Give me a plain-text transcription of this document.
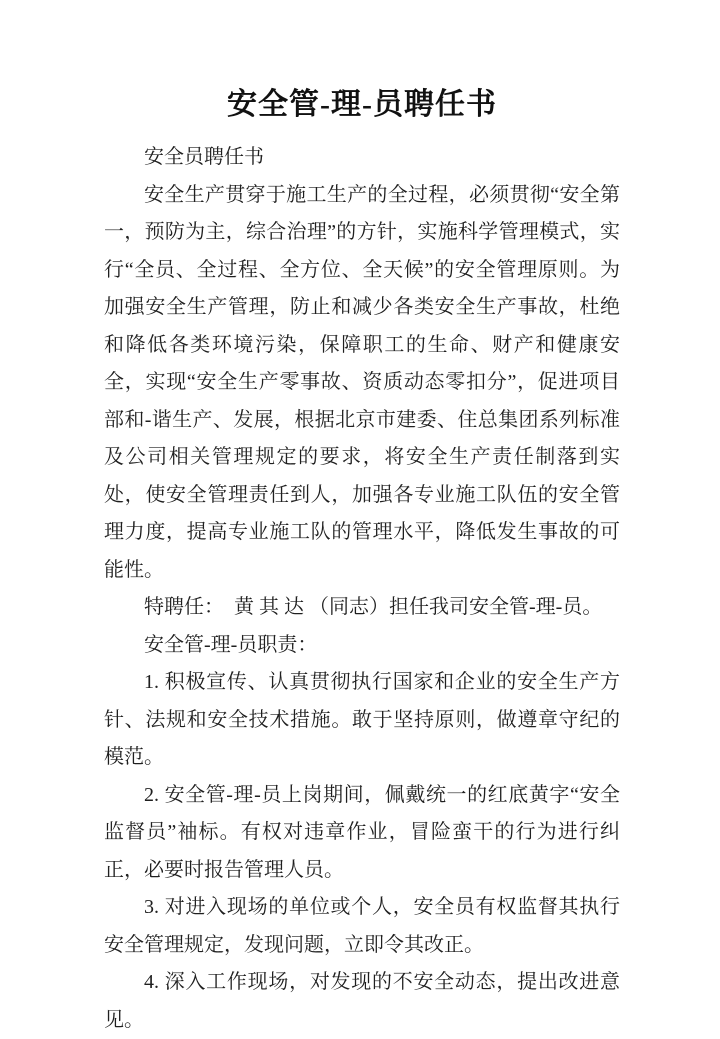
安全管-理-员聘任书

安全员聘任书

安全生产贯穿于施工生产的全过程，必须贯彻“安全第一，预防为主，综合治理”的方针，实施科学管理模式，实行“全员、全过程、全方位、全天候”的安全管理原则。为加强安全生产管理，防止和减少各类安全生产事故，杜绝和降低各类环境污染，保障职工的生命、财产和健康安全，实现“安全生产零事故、资质动态零扣分”，促进项目部和-谐生产、发展，根据北京市建委、住总集团系列标准及公司相关管理规定的要求，将安全生产责任制落到实处，使安全管理责任到人，加强各专业施工队伍的安全管理力度，提高专业施工队的管理水平，降低发生事故的可能性。

特聘任：　黄 其 达 （同志）担任我司安全管-理-员。

安全管-理-员职责：

1. 积极宣传、认真贯彻执行国家和企业的安全生产方针、法规和安全技术措施。敢于坚持原则，做遵章守纪的模范。

2. 安全管-理-员上岗期间，佩戴统一的红底黄字“安全监督员”袖标。有权对违章作业，冒险蛮干的行为进行纠正，必要时报告管理人员。

3. 对进入现场的单位或个人，安全员有权监督其执行安全管理规定，发现问题，立即令其改正。

4. 深入工作现场，对发现的不安全动态，提出改进意见。
